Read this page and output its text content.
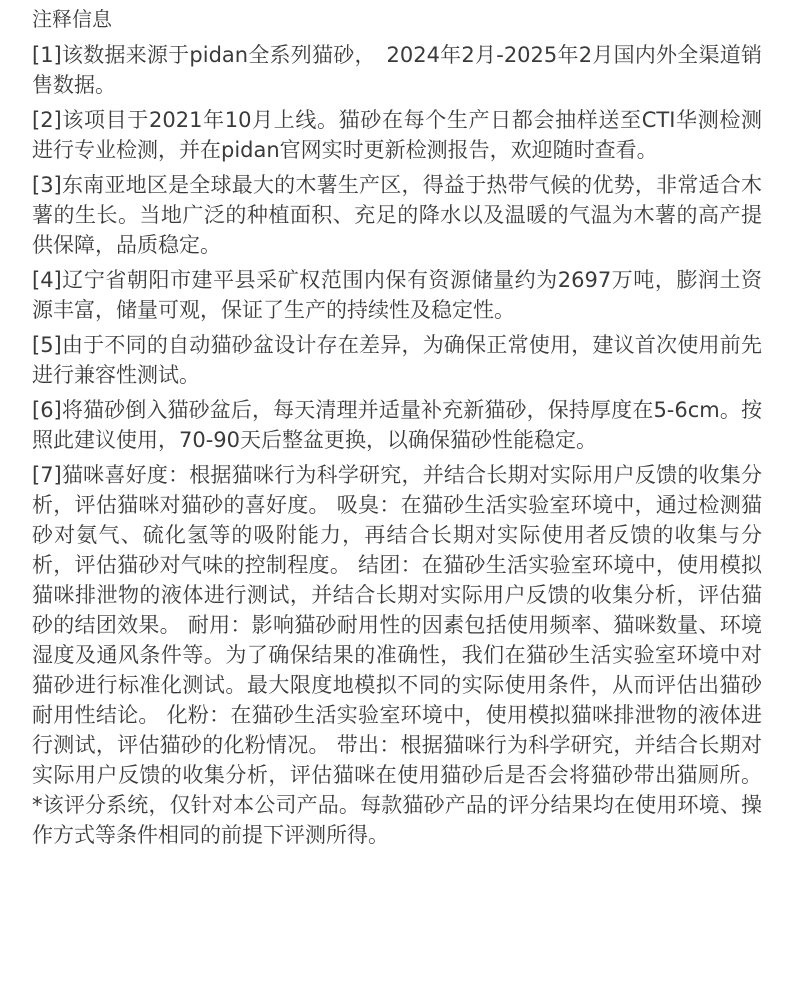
注释信息

[1]该数据来源于pidan全系列猫砂，　2024年2月-2025年2月国内外全渠道销售数据。

[2]该项目于2021年10月上线。猫砂在每个生产日都会抽样送至CTI华测检测进行专业检测，并在pidan官网实时更新检测报告，欢迎随时查看。

[3]东南亚地区是全球最大的木薯生产区，得益于热带气候的优势，非常适合木薯的生长。当地广泛的种植面积、充足的降水以及温暖的气温为木薯的高产提供保障，品质稳定。

[4]辽宁省朝阳市建平县采矿权范围内保有资源储量约为2697万吨，膨润土资源丰富，储量可观，保证了生产的持续性及稳定性。

[5]由于不同的自动猫砂盆设计存在差异，为确保正常使用，建议首次使用前先进行兼容性测试。

[6]将猫砂倒入猫砂盆后，每天清理并适量补充新猫砂，保持厚度在5-6cm。按照此建议使用，70-90天后整盆更换，以确保猫砂性能稳定。

[7]猫咪喜好度：根据猫咪行为科学研究，并结合长期对实际用户反馈的收集分析，评估猫咪对猫砂的喜好度。 吸臭：在猫砂生活实验室环境中，通过检测猫砂对氨气、硫化氢等的吸附能力，再结合长期对实际使用者反馈的收集与分析，评估猫砂对气味的控制程度。 结团：在猫砂生活实验室环境中，使用模拟猫咪排泄物的液体进行测试，并结合长期对实际用户反馈的收集分析，评估猫砂的结团效果。 耐用：影响猫砂耐用性的因素包括使用频率、猫咪数量、环境湿度及通风条件等。为了确保结果的准确性，我们在猫砂生活实验室环境中对猫砂进行标准化测试。最大限度地模拟不同的实际使用条件，从而评估出猫砂耐用性结论。 化粉：在猫砂生活实验室环境中，使用模拟猫咪排泄物的液体进行测试，评估猫砂的化粉情况。 带出：根据猫咪行为科学研究，并结合长期对实际用户反馈的收集分析，评估猫咪在使用猫砂后是否会将猫砂带出猫厕所。 *该评分系统，仅针对本公司产品。每款猫砂产品的评分结果均在使用环境、操作方式等条件相同的前提下评测所得。
